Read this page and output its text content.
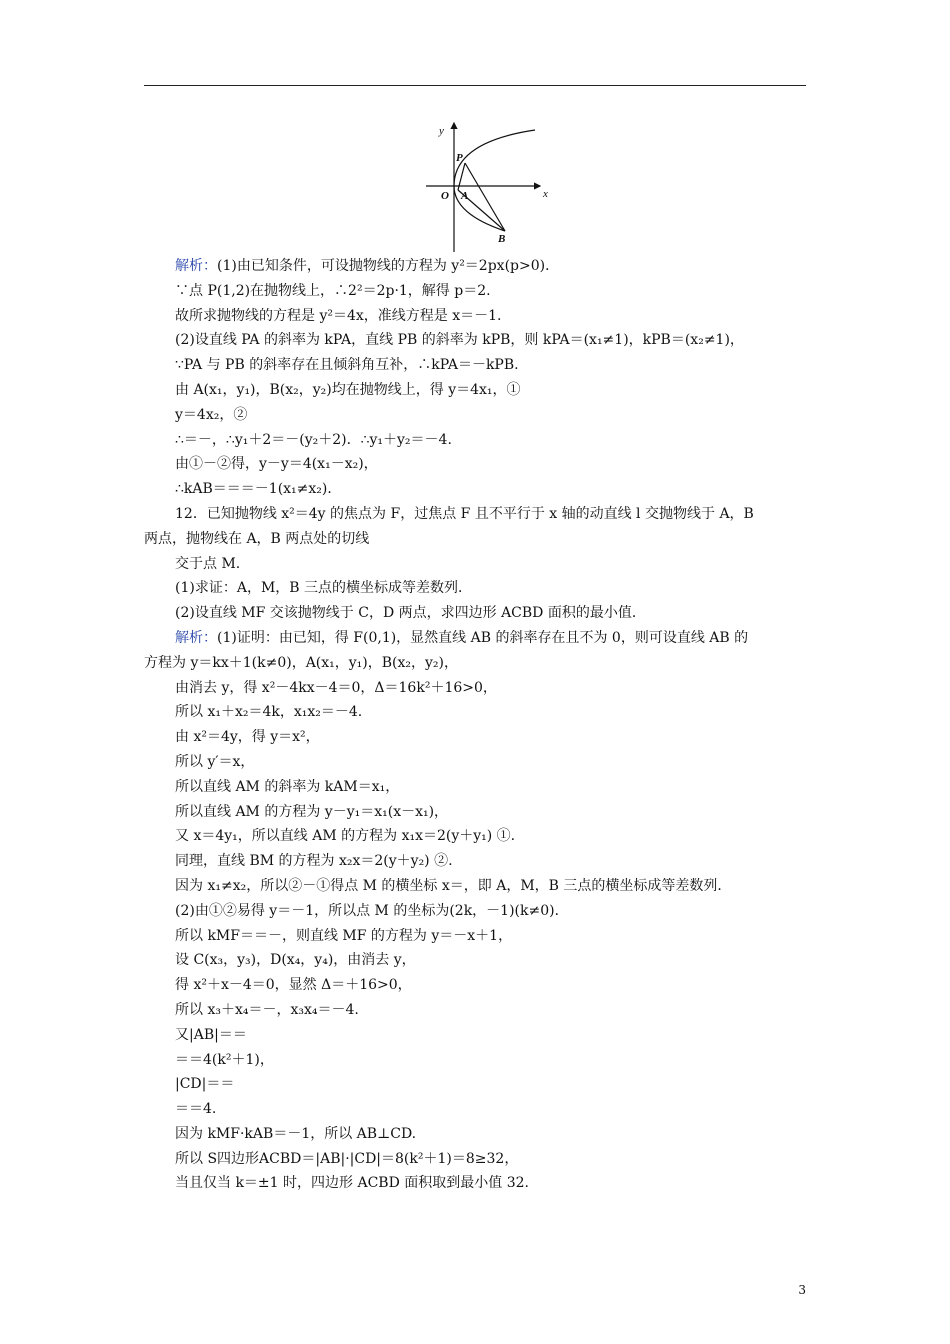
y
x
O
P
A
B
解析：(1)由已知条件，可设抛物线的方程为 y²＝2px(p>0)．
∵点 P(1,2)在抛物线上，∴2²＝2p·1，解得 p＝2.
故所求抛物线的方程是 y²＝4x，准线方程是 x＝－1.
(2)设直线 PA 的斜率为 kPA，直线 PB 的斜率为 kPB，则 kPA＝(x₁≠1)，kPB＝(x₂≠1)，
∵PA 与 PB 的斜率存在且倾斜角互补，∴kPA＝－kPB.
由 A(x₁，y₁)，B(x₂，y₂)均在抛物线上，得 y＝4x₁，①
y＝4x₂，②
∴＝－，∴y₁＋2＝－(y₂＋2)．∴y₁＋y₂＝－4.
由①－②得，y－y＝4(x₁－x₂)，
∴kAB＝＝＝－1(x₁≠x₂)．
12．已知抛物线 x²＝4y 的焦点为 F，过焦点 F 且不平行于 x 轴的动直线 l 交抛物线于 A，B
两点，抛物线在 A，B 两点处的切线
交于点 M.
(1)求证：A，M，B 三点的横坐标成等差数列．
(2)设直线 MF 交该抛物线于 C，D 两点，求四边形 ACBD 面积的最小值．
解析：(1)证明：由已知，得 F(0,1)，显然直线 AB 的斜率存在且不为 0，则可设直线 AB 的
方程为 y＝kx＋1(k≠0)，A(x₁，y₁)，B(x₂，y₂)，
由消去 y，得 x²－4kx－4＝0，Δ＝16k²＋16>0，
所以 x₁＋x₂＝4k，x₁x₂＝－4.
由 x²＝4y，得 y＝x²，
所以 y′＝x，
所以直线 AM 的斜率为 kAM＝x₁，
所以直线 AM 的方程为 y－y₁＝x₁(x－x₁)，
又 x＝4y₁，所以直线 AM 的方程为 x₁x＝2(y＋y₁) ①.
同理，直线 BM 的方程为 x₂x＝2(y＋y₂) ②.
因为 x₁≠x₂，所以②－①得点 M 的横坐标 x＝，即 A，M，B 三点的横坐标成等差数列．
(2)由①②易得 y＝－1，所以点 M 的坐标为(2k，－1)(k≠0)．
所以 kMF＝＝－，则直线 MF 的方程为 y＝－x＋1，
设 C(x₃，y₃)，D(x₄，y₄)，由消去 y，
得 x²＋x－4＝0，显然 Δ＝＋16>0，
所以 x₃＋x₄＝－，x₃x₄＝－4.
又|AB|＝＝
＝＝4(k²＋1)，
|CD|＝＝
＝＝4.
因为 kMF·kAB＝－1，所以 AB⊥CD.
所以 S四边形ACBD＝|AB|·|CD|＝8(k²＋1)＝8≥32，
当且仅当 k＝±1 时，四边形 ACBD 面积取到最小值 32.
3
